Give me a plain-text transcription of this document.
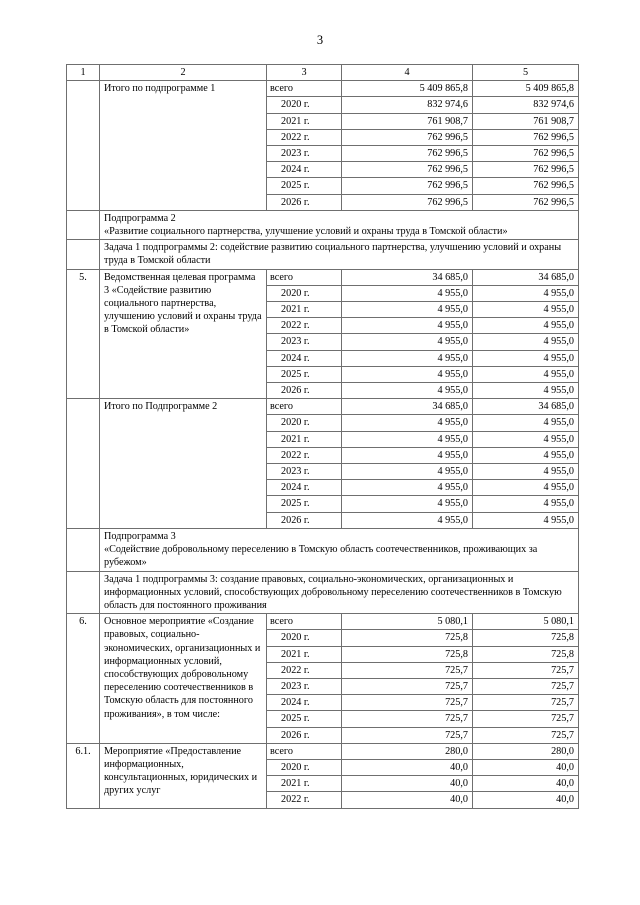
3
1	2	3	4	5
	Итого по подпрограмме 1	всего	5 409 865,8	5 409 865,8
		2020 г.	832 974,6	832 974,6
		2021 г.	761 908,7	761 908,7
		2022 г.	762 996,5	762 996,5
		2023 г.	762 996,5	762 996,5
		2024 г.	762 996,5	762 996,5
		2025 г.	762 996,5	762 996,5
		2026 г.	762 996,5	762 996,5

	Подпрограмма 2
«Развитие социального партнерства, улучшение условий и охраны труда в Томской области»			

	Задача 1 подпрограммы 2: содействие развитию социального партнерства, улучшению условий и охраны труда в Томской области			
5.	Ведомственная целевая программа 3 «Содействие развитию социального партнерства, улучшению условий и охраны труда в Томской области»	всего	34 685,0	34 685,0
		2020 г.	4 955,0	4 955,0
		2021 г.	4 955,0	4 955,0
		2022 г.	4 955,0	4 955,0
		2023 г.	4 955,0	4 955,0
		2024 г.	4 955,0	4 955,0
		2025 г.	4 955,0	4 955,0
		2026 г.	4 955,0	4 955,0
	Итого по Подпрограмме 2	всего	34 685,0	34 685,0
		2020 г.	4 955,0	4 955,0
		2021 г.	4 955,0	4 955,0
		2022 г.	4 955,0	4 955,0
		2023 г.	4 955,0	4 955,0
		2024 г.	4 955,0	4 955,0
		2025 г.	4 955,0	4 955,0
		2026 г.	4 955,0	4 955,0

	Подпрограмма 3
«Содействие добровольному переселению в Томскую область соотечественников, проживающих за рубежом»			

	Задача 1 подпрограммы 3: создание правовых, социально-экономических, организационных и информационных условий, способствующих добровольному переселению соотечественников в Томскую область для постоянного проживания			
6.	Основное мероприятие «Создание правовых, социально-экономических, организационных и информационных условий, способствующих добровольному переселению соотечественников в Томскую область для постоянного проживания», в том числе:	всего	5 080,1	5 080,1
		2020 г.	725,8	725,8
		2021 г.	725,8	725,8
		2022 г.	725,7	725,7
		2023 г.	725,7	725,7
		2024 г.	725,7	725,7
		2025 г.	725,7	725,7
		2026 г.	725,7	725,7
6.1.	Мероприятие «Предоставление информационных, консультационных, юридических и других услуг	всего	280,0	280,0
		2020 г.	40,0	40,0
		2021 г.	40,0	40,0
		2022 г.	40,0	40,0
